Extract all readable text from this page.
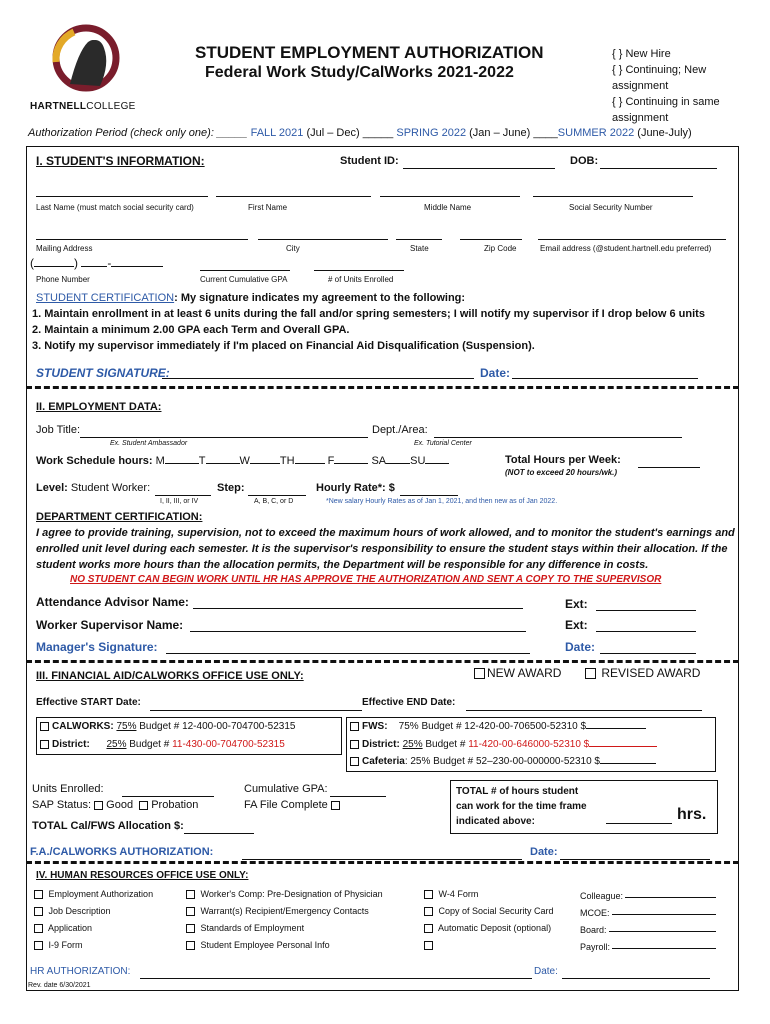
HARTNELLCOLLEGE
STUDENT EMPLOYMENT AUTHORIZATION
Federal Work Study/CalWorks 2021-2022
{ } New Hire
{ } Continuing; New assignment
{ } Continuing in same assignment
Authorization Period (check only one): _____ FALL 2021 (Jul – Dec) _____ SPRING 2022 (Jan – June) ____SUMMER 2022 (June-July)
I. STUDENT'S INFORMATION:	Student ID:	DOB:
Last Name (must match social security card)	First Name	Middle Name	Social Security Number
Mailing Address	City	State	Zip Code	Email address (@student.hartnell.edu preferred)
(	) -
Phone Number	Current Cumulative GPA	# of Units Enrolled
STUDENT CERTIFICATION: My signature indicates my agreement to the following:
1. Maintain enrollment in at least 6 units during the fall and/or spring semesters; I will notify my supervisor if I drop below 6 units
2. Maintain a minimum 2.00 GPA each Term and Overall GPA.
3. Notify my supervisor immediately if I'm placed on Financial Aid Disqualification (Suspension).
STUDENT SIGNATURE:	Date:
II. EMPLOYMENT DATA:
Job Title:
Ex. Student Ambassador
Dept./Area:
Ex. Tutorial Center
Work Schedule hours: M	T	W	TH	F	SA SU	Total Hours per Week:
(NOT to exceed 20 hours/wk.)
Level: Student Worker:
I, II, III, or IV
Step:
A, B, C, or D
Hourly Rate*: $
*New salary Hourly Rates as of Jan 1, 2021, and then new as of Jan 2022.
DEPARTMENT CERTIFICATION:
I agree to provide training, supervision, not to exceed the maximum hours of work allowed, and to monitor the student's earnings and enrolled unit level during each semester. It is the supervisor's responsibility to ensure the student stays within their allocation. If the student works more hours than the allocation permits, the Department will be responsible for any difference in costs.
NO STUDENT CAN BEGIN WORK UNTIL HR HAS APPROVE THE AUTHORIZATION AND SENT A COPY TO THE SUPERVISOR
Attendance Advisor Name:	Ext:
Worker Supervisor Name:	Ext:
Manager's Signature:	Date:
III. FINANCIAL AID/CALWORKS OFFICE USE ONLY:	NEW AWARD	REVISED AWARD
Effective START Date:	Effective END Date:
CALWORKS: 75% Budget # 12-400-00-704700-52315
District: 25% Budget # 11-430-00-704700-52315
FWS: 75% Budget # 12-420-00-706500-52310 $
District: 25% Budget # 11-420-00-646000-52310 $
Cafeteria: 25% Budget # 52–230-00-000000-52310 $
Units Enrolled:
SAP Status: Good Probation
Cumulative GPA:
FA File Complete
TOTAL Cal/FWS Allocation $:
TOTAL # of hours student can work for the time frame indicated above:	hrs.
F.A./CALWORKS AUTHORIZATION:	Date:
IV. HUMAN RESOURCES OFFICE USE ONLY:
Employment Authorization
Job Description
Application
I-9 Form
Worker's Comp: Pre-Designation of Physician
Warrant(s) Recipient/Emergency Contacts
Standards of Employment
Student Employee Personal Info
W-4 Form
Copy of Social Security Card
Automatic Deposit (optional)
Colleague:
MCOE:
Board:
Payroll:
HR AUTHORIZATION:	Date:
Rev. date 6/30/2021
